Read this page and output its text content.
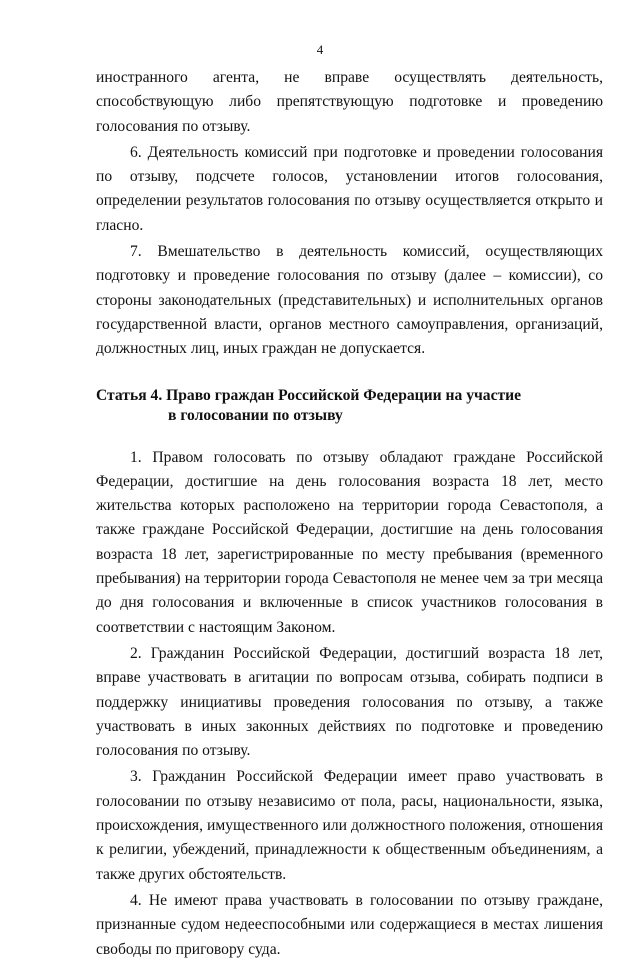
4

иностранного агента, не вправе осуществлять деятельность, способствующую либо препятствующую подготовке и проведению голосования по отзыву.

6. Деятельность комиссий при подготовке и проведении голосования по отзыву, подсчете голосов, установлении итогов голосования, определении результатов голосования по отзыву осуществляется открыто и гласно.

7. Вмешательство в деятельность комиссий, осуществляющих подготовку и проведение голосования по отзыву (далее – комиссии), со стороны законодательных (представительных) и исполнительных органов государственной власти, органов местного самоуправления, организаций, должностных лиц, иных граждан не допускается.

Статья 4. Право граждан Российской Федерации на участие
в голосовании по отзыву

1. Правом голосовать по отзыву обладают граждане Российской Федерации, достигшие на день голосования возраста 18 лет, место жительства которых расположено на территории города Севастополя, а также граждане Российской Федерации, достигшие на день голосования возраста 18 лет, зарегистрированные по месту пребывания (временного пребывания) на территории города Севастополя не менее чем за три месяца до дня голосования и включенные в список участников голосования в соответствии с настоящим Законом.

2. Гражданин Российской Федерации, достигший возраста 18 лет, вправе участвовать в агитации по вопросам отзыва, собирать подписи в поддержку инициативы проведения голосования по отзыву, а также участвовать в иных законных действиях по подготовке и проведению голосования по отзыву.

3. Гражданин Российской Федерации имеет право участвовать в голосовании по отзыву независимо от пола, расы, национальности, языка, происхождения, имущественного или должностного положения, отношения к религии, убеждений, принадлежности к общественным объединениям, а также других обстоятельств.

4. Не имеют права участвовать в голосовании по отзыву граждане, признанные судом недееспособными или содержащиеся в местах лишения свободы по приговору суда.
